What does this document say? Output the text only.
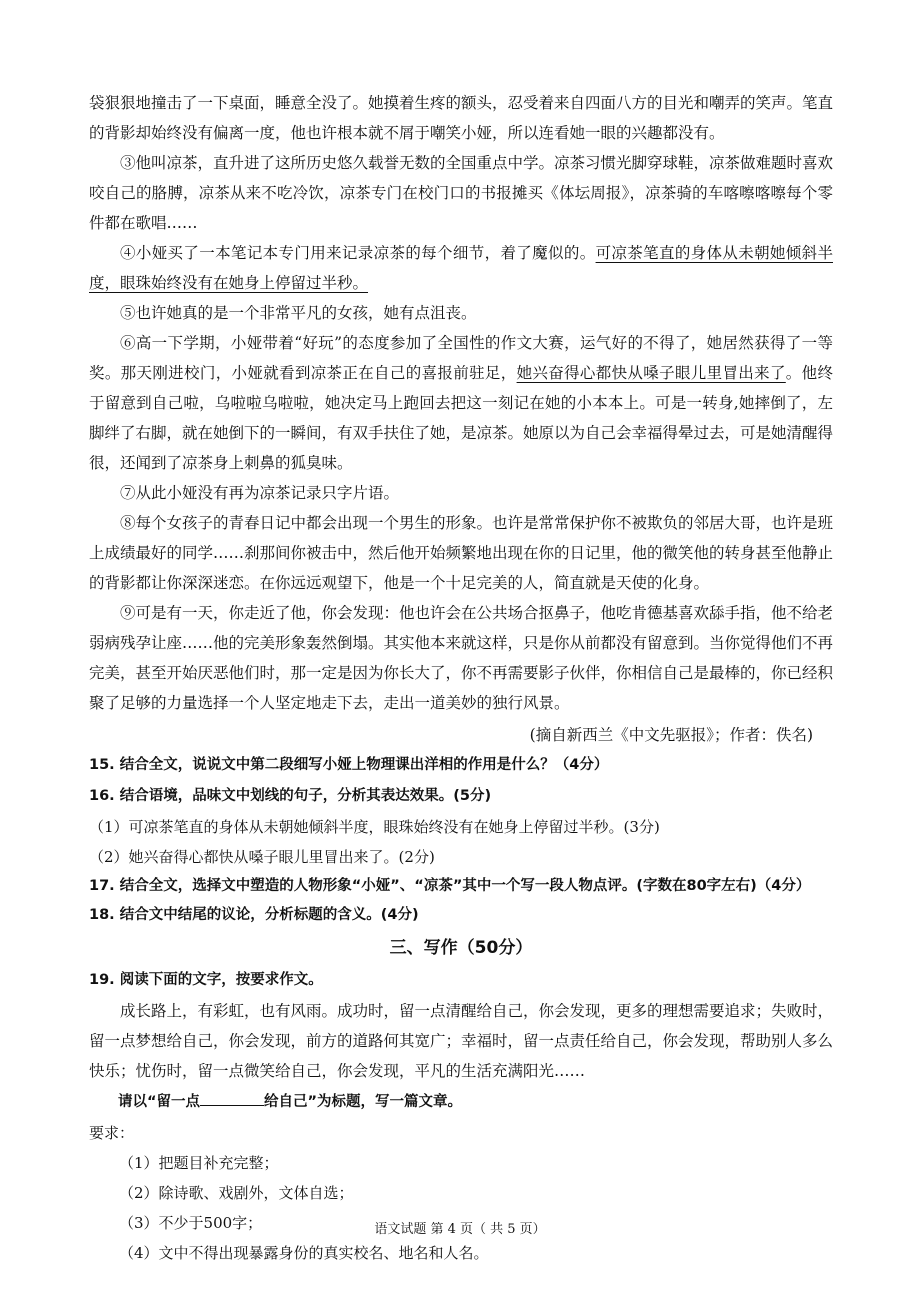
袋狠狠地撞击了一下桌面，睡意全没了。她摸着生疼的额头，忍受着来自四面八方的目光和嘲弄的笑声。笔直的背影却始终没有偏离一度，他也许根本就不屑于嘲笑小娅，所以连看她一眼的兴趣都没有。

③他叫凉茶，直升进了这所历史悠久载誉无数的全国重点中学。凉茶习惯光脚穿球鞋，凉茶做难题时喜欢咬自己的胳膊，凉茶从来不吃冷饮，凉茶专门在校门口的书报摊买《体坛周报》，凉茶骑的车喀嚓喀嚓每个零件都在歌唱……

④小娅买了一本笔记本专门用来记录凉茶的每个细节，着了魔似的。可凉茶笔直的身体从未朝她倾斜半度，眼珠始终没有在她身上停留过半秒。

⑤也许她真的是一个非常平凡的女孩，她有点沮丧。

⑥高一下学期，小娅带着“好玩”的态度参加了全国性的作文大赛，运气好的不得了，她居然获得了一等奖。那天刚进校门，小娅就看到凉茶正在自己的喜报前驻足，她兴奋得心都快从嗓子眼儿里冒出来了。他终于留意到自己啦，乌啦啦乌啦啦，她决定马上跑回去把这一刻记在她的小本本上。可是一转身,她摔倒了，左脚绊了右脚，就在她倒下的一瞬间，有双手扶住了她，是凉茶。她原以为自己会幸福得晕过去，可是她清醒得很，还闻到了凉茶身上刺鼻的狐臭味。

⑦从此小娅没有再为凉茶记录只字片语。

⑧每个女孩子的青春日记中都会出现一个男生的形象。也许是常常保护你不被欺负的邻居大哥，也许是班上成绩最好的同学……刹那间你被击中，然后他开始频繁地出现在你的日记里，他的微笑他的转身甚至他静止的背影都让你深深迷恋。在你远远观望下，他是一个十足完美的人，简直就是天使的化身。

⑨可是有一天，你走近了他，你会发现：他也许会在公共场合抠鼻子，他吃肯德基喜欢舔手指，他不给老弱病残孕让座……他的完美形象轰然倒塌。其实他本来就这样，只是你从前都没有留意到。当你觉得他们不再完美，甚至开始厌恶他们时，那一定是因为你长大了，你不再需要影子伙伴，你相信自己是最棒的，你已经积聚了足够的力量选择一个人坚定地走下去，走出一道美妙的独行风景。

(摘自新西兰《中文先驱报》；作者：佚名)

15. 结合全文，说说文中第二段细写小娅上物理课出洋相的作用是什么？（4分）

16. 结合语境，品味文中划线的句子，分析其表达效果。(5分)

（1）可凉茶笔直的身体从未朝她倾斜半度，眼珠始终没有在她身上停留过半秒。(3分)

（2）她兴奋得心都快从嗓子眼儿里冒出来了。(2分)

17. 结合全文，选择文中塑造的人物形象“小娅”、“凉茶”其中一个写一段人物点评。(字数在80字左右)（4分）

18. 结合文中结尾的议论，分析标题的含义。(4分)

三、写作（50分）

19. 阅读下面的文字，按要求作文。

成长路上，有彩虹，也有风雨。成功时，留一点清醒给自己，你会发现，更多的理想需要追求；失败时，留一点梦想给自己，你会发现，前方的道路何其宽广；幸福时，留一点责任给自己，你会发现，帮助别人多么快乐；忧伤时，留一点微笑给自己，你会发现，平凡的生活充满阳光……

请以“留一点	给自己”为标题，写一篇文章。

要求：

（1）把题目补充完整；

（2）除诗歌、戏剧外，文体自选；

（3）不少于500字；

（4）文中不得出现暴露身份的真实校名、地名和人名。

语文试题 第 4 页（ 共 5 页）
